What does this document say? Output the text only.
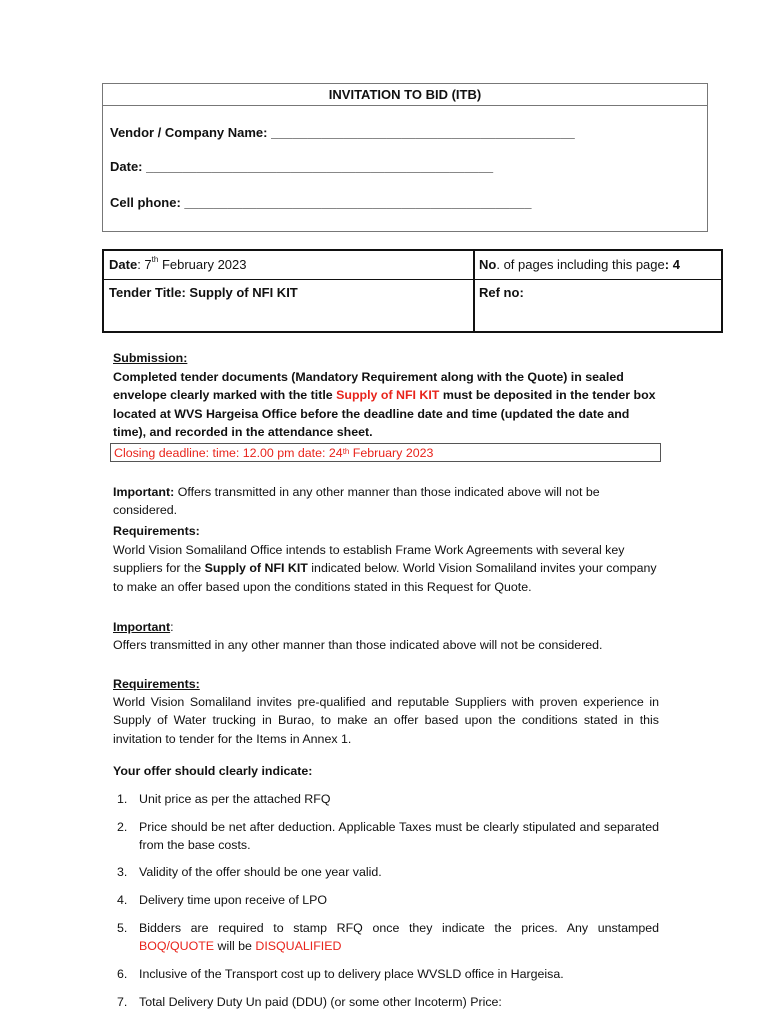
INVITATION TO BID (ITB)
Vendor / Company Name: __________________________________________
Date: ________________________________________________
Cell phone: ________________________________________________
Date: 7th February 2023	No. of pages including this page: 4
Tender Title: Supply of NFI KIT	Ref no:
Submission:
Completed tender documents (Mandatory Requirement along with the Quote) in sealed envelope clearly marked with the title Supply of NFI KIT must be deposited in the tender box located at WVS Hargeisa Office before the deadline date and time (updated the date and time), and recorded in the attendance sheet.
Closing deadline: time: 12.00 pm date: 24th February 2023
Important: Offers transmitted in any other manner than those indicated above will not be considered.
Requirements:
World Vision Somaliland Office intends to establish Frame Work Agreements with several key suppliers for the Supply of NFI KIT indicated below. World Vision Somaliland invites your company to make an offer based upon the conditions stated in this Request for Quote.
Important:
Offers transmitted in any other manner than those indicated above will not be considered.
Requirements:
World Vision Somaliland invites pre-qualified and reputable Suppliers with proven experience in Supply of Water trucking in Burao, to make an offer based upon the conditions stated in this invitation to tender for the Items in Annex 1.
Your offer should clearly indicate:
1. Unit price as per the attached RFQ
2. Price should be net after deduction. Applicable Taxes must be clearly stipulated and separated from the base costs.
3. Validity of the offer should be one year valid.
4. Delivery time upon receive of LPO
5. Bidders are required to stamp RFQ once they indicate the prices. Any unstamped BOQ/QUOTE will be DISQUALIFIED
6. Inclusive of the Transport cost up to delivery place WVSLD office in Hargeisa.
7. Total Delivery Duty Un paid (DDU) (or some other Incoterm) Price:
